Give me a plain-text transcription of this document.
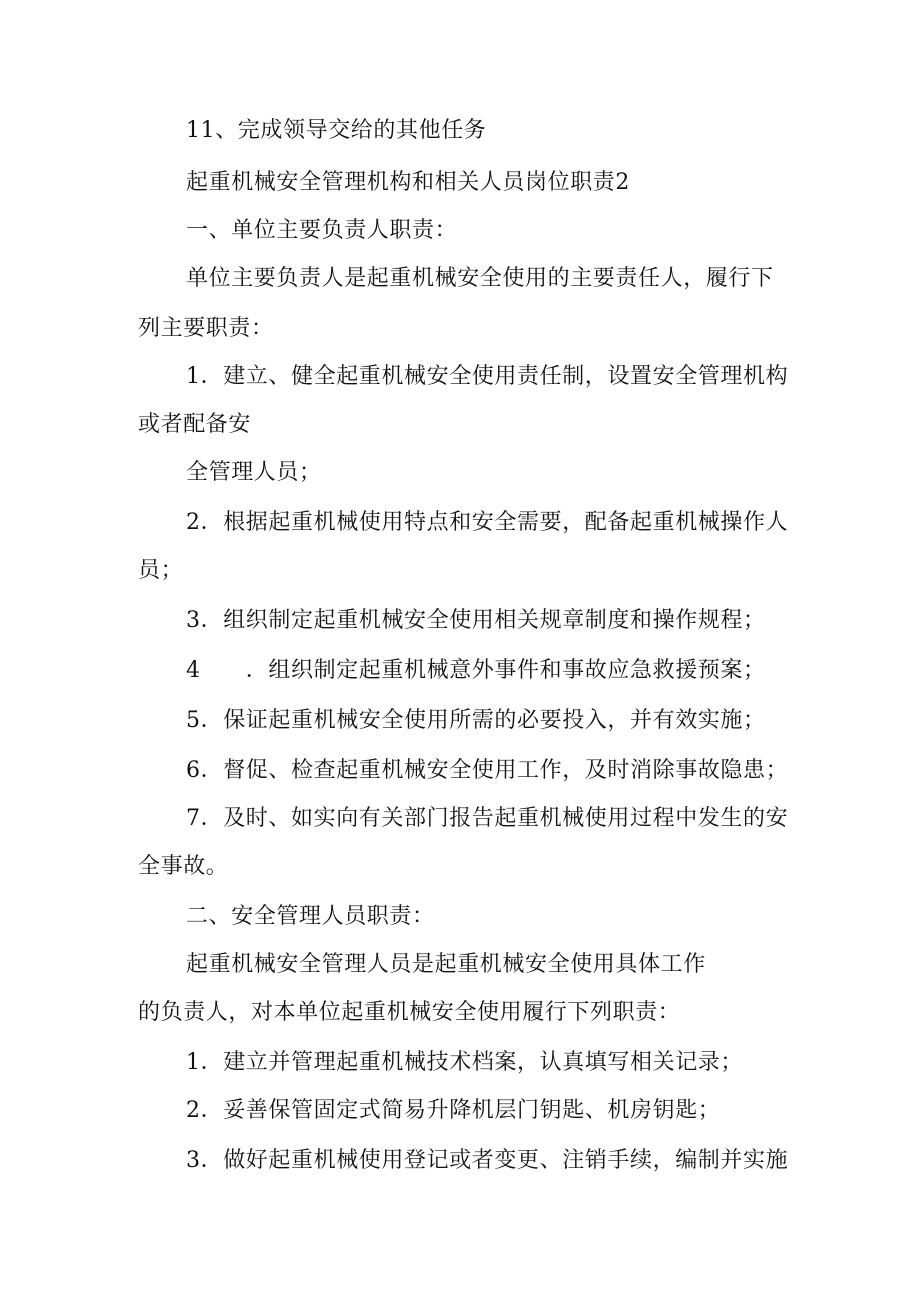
11、完成领导交给的其他任务
起重机械安全管理机构和相关人员岗位职责2
一、单位主要负责人职责：
单位主要负责人是起重机械安全使用的主要责任人，履行下
列主要职责：
1．建立、健全起重机械安全使用责任制，设置安全管理机构
或者配备安
全管理人员；
2．根据起重机械使用特点和安全需要，配备起重机械操作人
员；
3．组织制定起重机械安全使用相关规章制度和操作规程；
4　　．组织制定起重机械意外事件和事故应急救援预案；
5．保证起重机械安全使用所需的必要投入，并有效实施；
6．督促、检查起重机械安全使用工作，及时消除事故隐患；
7．及时、如实向有关部门报告起重机械使用过程中发生的安
全事故。
二、安全管理人员职责：
起重机械安全管理人员是起重机械安全使用具体工作
的负责人，对本单位起重机械安全使用履行下列职责：
1．建立并管理起重机械技术档案，认真填写相关记录；
2．妥善保管固定式简易升降机层门钥匙、机房钥匙；
3．做好起重机械使用登记或者变更、注销手续，编制并实施
